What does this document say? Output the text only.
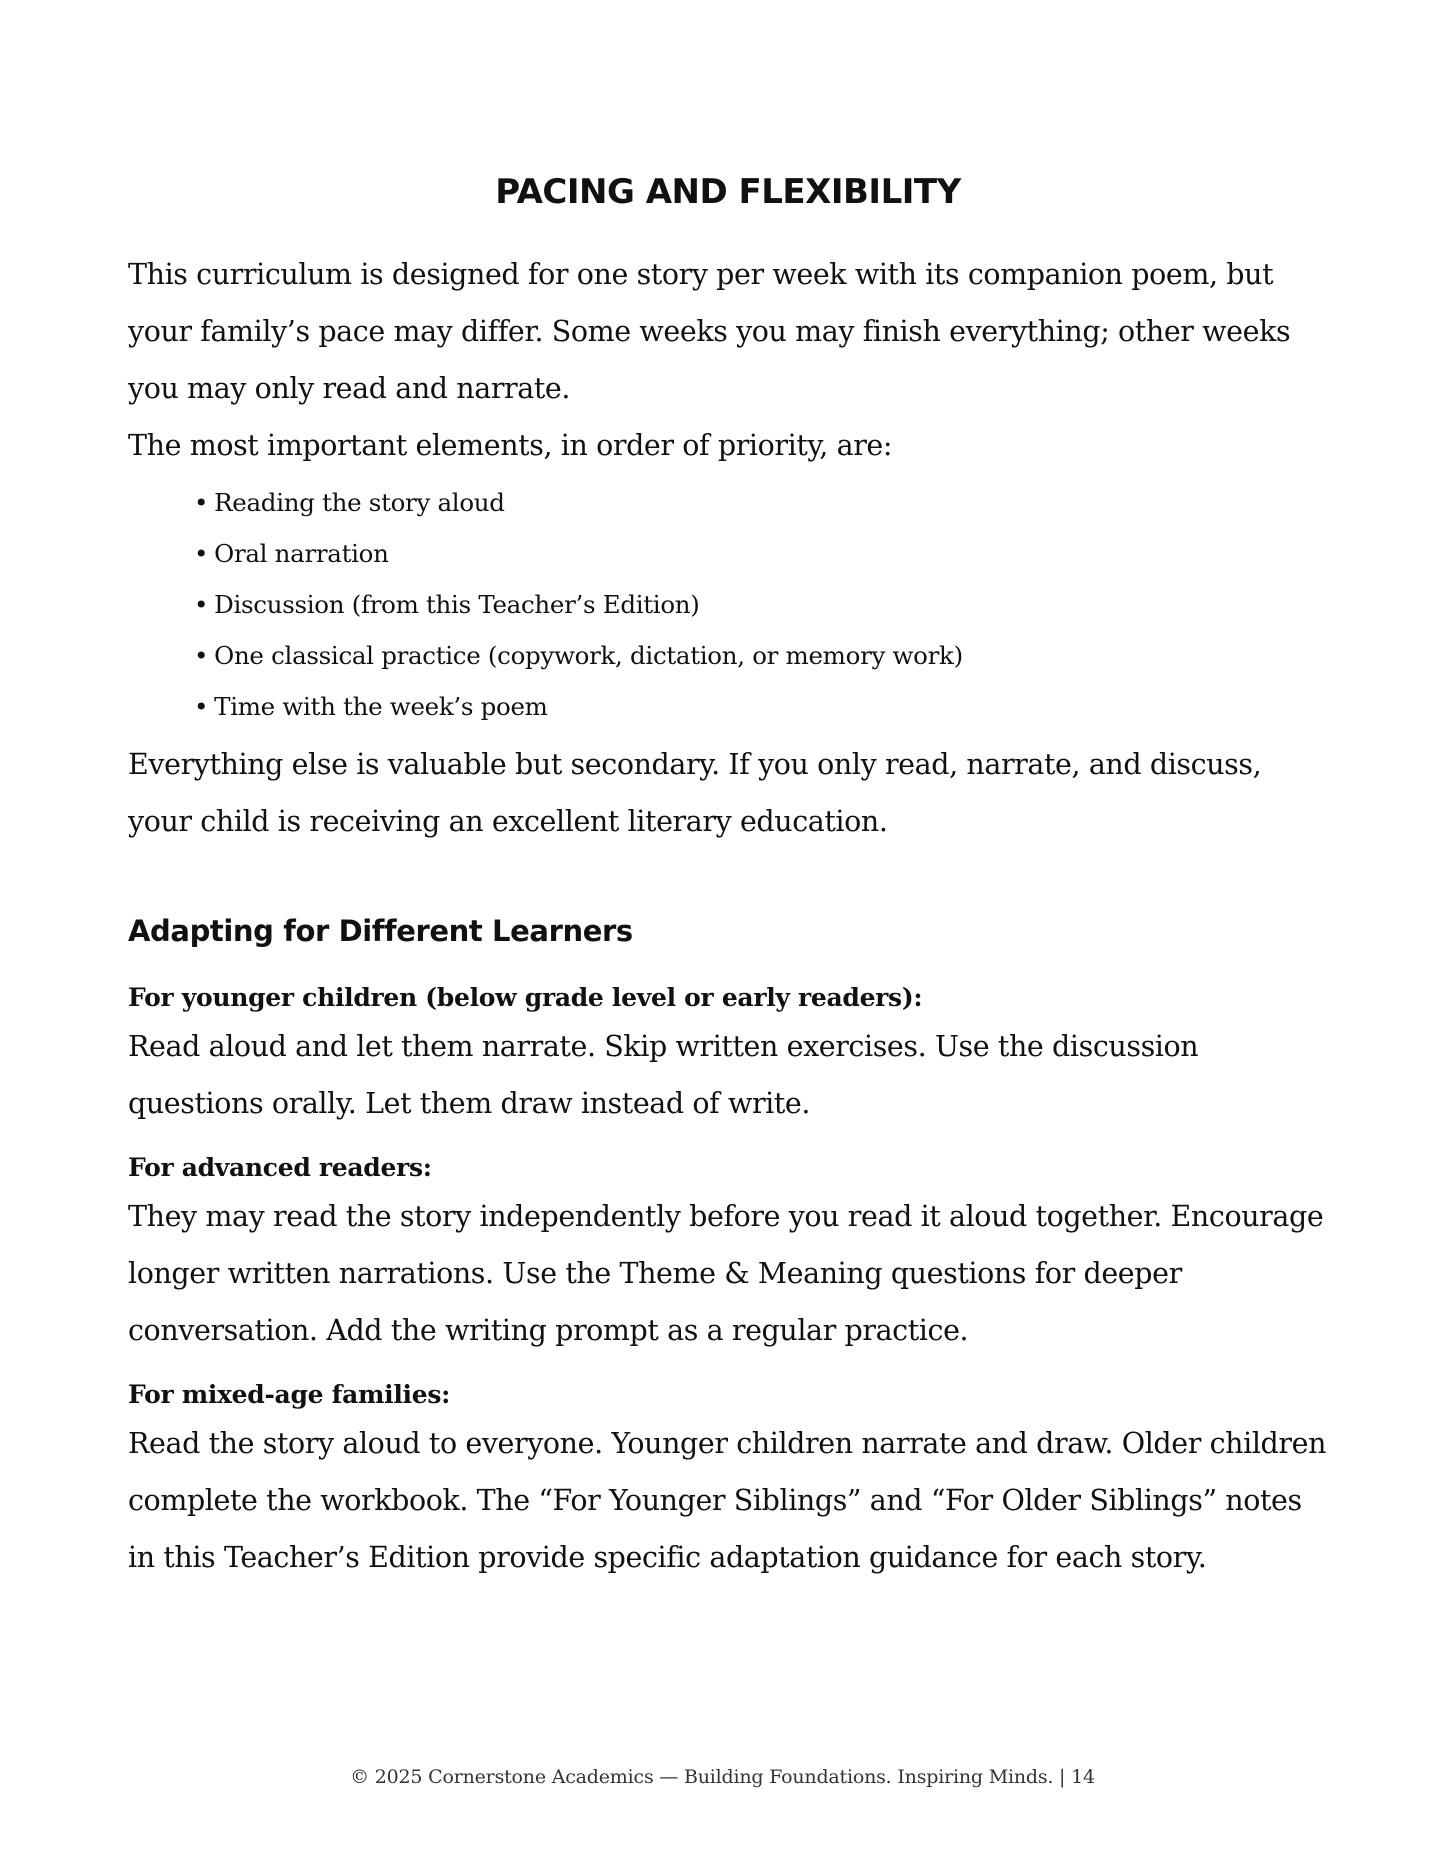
PACING AND FLEXIBILITY

This curriculum is designed for one story per week with its companion poem, but your family’s pace may differ. Some weeks you may finish everything; other weeks you may only read and narrate.

The most important elements, in order of priority, are:

• Reading the story aloud
• Oral narration
• Discussion (from this Teacher’s Edition)
• One classical practice (copywork, dictation, or memory work)
• Time with the week’s poem

Everything else is valuable but secondary. If you only read, narrate, and discuss, your child is receiving an excellent literary education.

Adapting for Different Learners
For younger children (below grade level or early readers):

Read aloud and let them narrate. Skip written exercises. Use the discussion questions orally. Let them draw instead of write.

For advanced readers:

They may read the story independently before you read it aloud together. Encourage longer written narrations. Use the Theme & Meaning questions for deeper conversation. Add the writing prompt as a regular practice.

For mixed-age families:

Read the story aloud to everyone. Younger children narrate and draw. Older children complete the workbook. The “For Younger Siblings” and “For Older Siblings” notes in this Teacher’s Edition provide specific adaptation guidance for each story.

© 2025 Cornerstone Academics — Building Foundations. Inspiring Minds. | 14
